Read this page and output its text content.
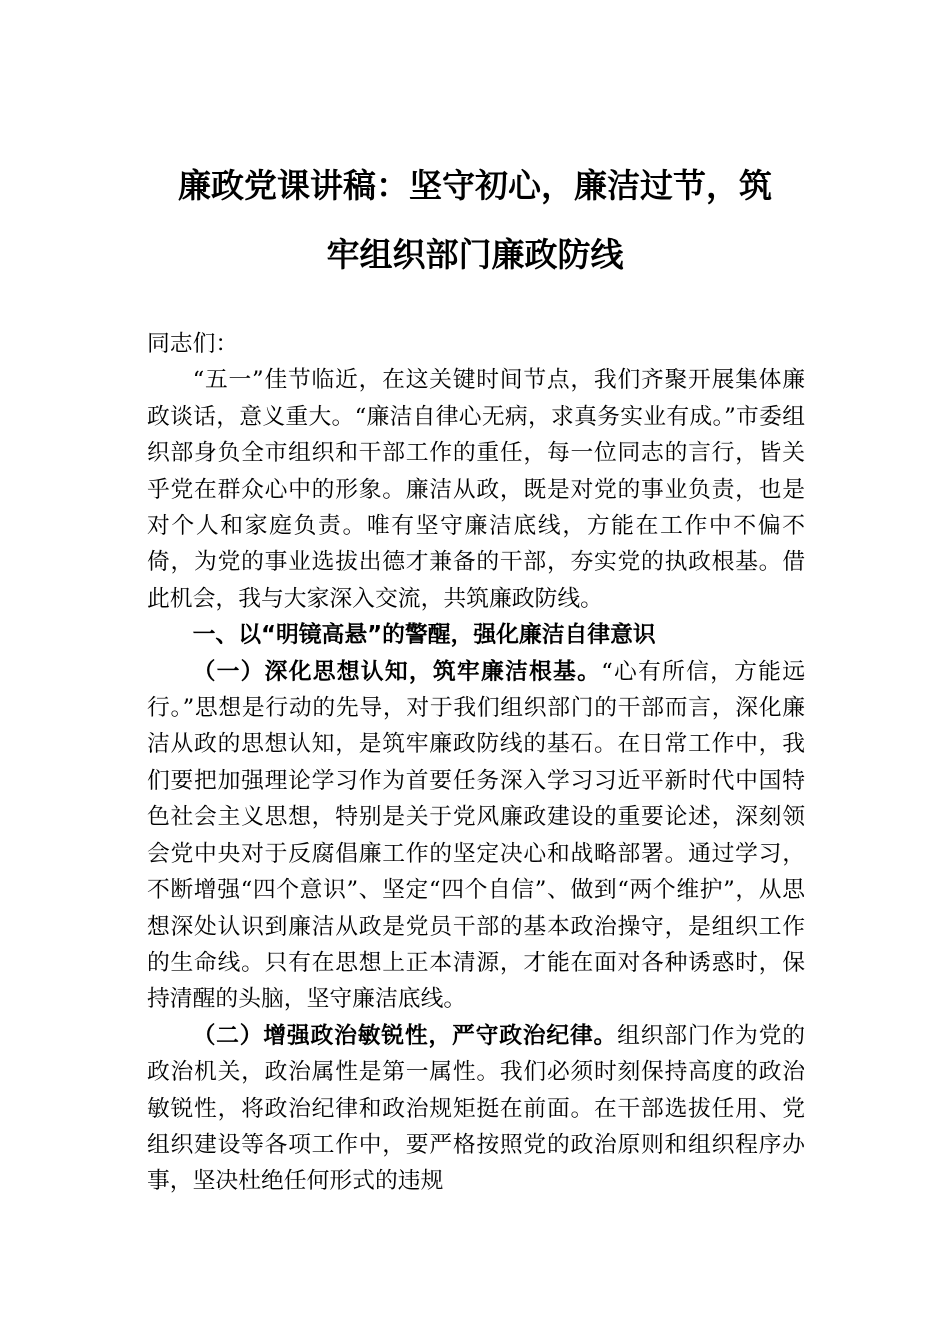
廉政党课讲稿：坚守初心，廉洁过节，筑
牢组织部门廉政防线

同志们：

“五一”佳节临近，在这关键时间节点，我们齐聚开展集体廉政谈话，意义重大。“廉洁自律心无病，求真务实业有成。”市委组织部身负全市组织和干部工作的重任，每一位同志的言行，皆关乎党在群众心中的形象。廉洁从政，既是对党的事业负责，也是对个人和家庭负责。唯有坚守廉洁底线，方能在工作中不偏不倚，为党的事业选拔出德才兼备的干部，夯实党的执政根基。借此机会，我与大家深入交流，共筑廉政防线。

一、以“明镜高悬”的警醒，强化廉洁自律意识

（一）深化思想认知，筑牢廉洁根基。“心有所信，方能远行。”思想是行动的先导，对于我们组织部门的干部而言，深化廉洁从政的思想认知，是筑牢廉政防线的基石。在日常工作中，我们要把加强理论学习作为首要任务深入学习习近平新时代中国特色社会主义思想，特别是关于党风廉政建设的重要论述，深刻领会党中央对于反腐倡廉工作的坚定决心和战略部署。通过学习，不断增强“四个意识”、坚定“四个自信”、做到“两个维护”，从思想深处认识到廉洁从政是党员干部的基本政治操守，是组织工作的生命线。只有在思想上正本清源，才能在面对各种诱惑时，保持清醒的头脑，坚守廉洁底线。

（二）增强政治敏锐性，严守政治纪律。组织部门作为党的政治机关，政治属性是第一属性。我们必须时刻保持高度的政治敏锐性，将政治纪律和政治规矩挺在前面。在干部选拔任用、党组织建设等各项工作中，要严格按照党的政治原则和组织程序办事，坚决杜绝任何形式的违规
